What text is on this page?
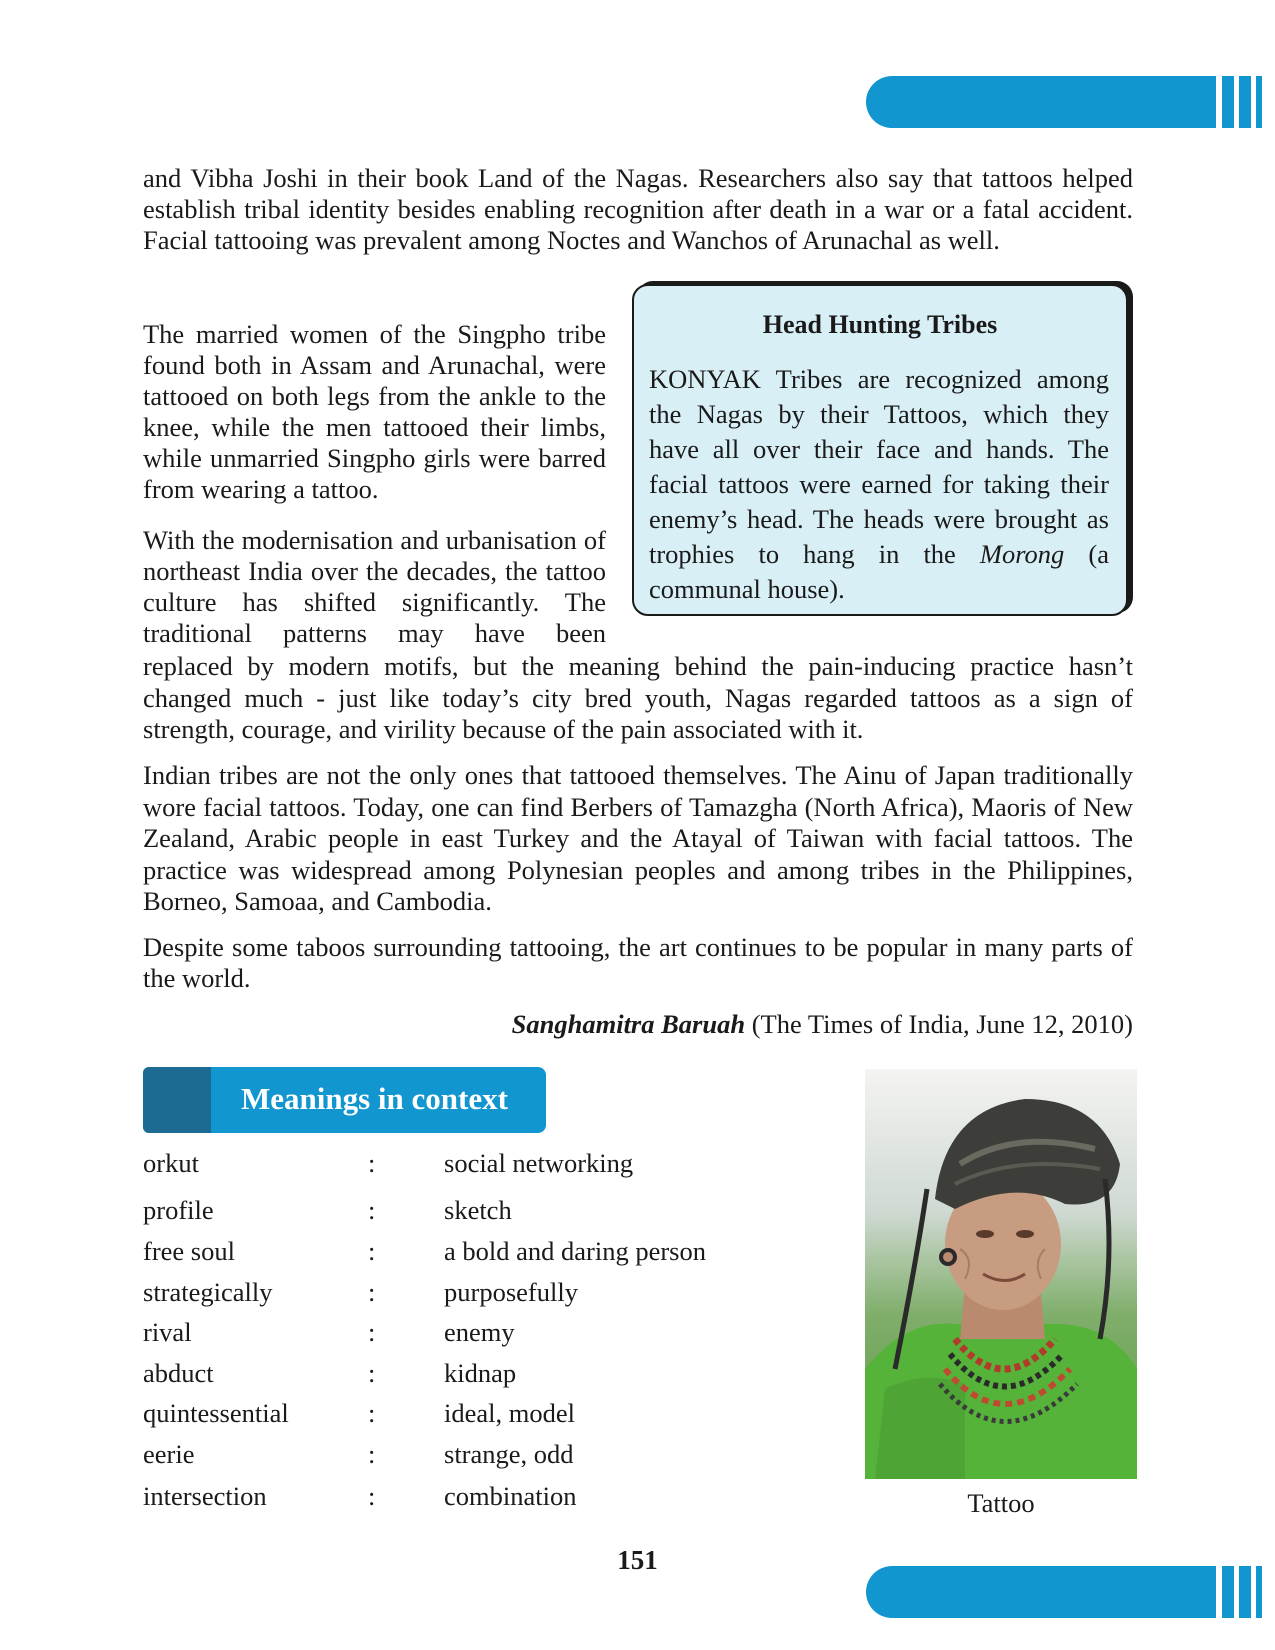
and Vibha Joshi in their book Land of the Nagas. Researchers also say that tattoos helped establish tribal identity besides enabling recognition after death in a war or a fatal accident. Facial tattooing was prevalent among Noctes and Wanchos of Arunachal as well.

The married women of the Singpho tribe found both in Assam and Arunachal, were tattooed on both legs from the ankle to the knee, while the men tattooed their limbs, while unmarried Singpho girls were barred from wearing a tattoo.

With the modernisation and urbanisation of northeast India over the decades, the tattoo culture has shifted significantly. The traditional patterns may have been

replaced by modern motifs, but the meaning behind the pain-inducing practice hasn’t changed much - just like today’s city bred youth, Nagas regarded tattoos as a sign of strength, courage, and virility because of the pain associated with it.

Indian tribes are not the only ones that tattooed themselves. The Ainu of Japan traditionally wore facial tattoos. Today, one can find Berbers of Tamazgha (North Africa), Maoris of New Zealand, Arabic people in east Turkey and the Atayal of Taiwan with facial tattoos. The practice was widespread among Polynesian peoples and among tribes in the Philippines, Borneo, Samoaa, and Cambodia.

Despite some taboos surrounding tattooing, the art continues to be popular in many parts of the world.

Sanghamitra Baruah (The Times of India, June 12, 2010)
Head Hunting Tribes

KONYAK Tribes are recognized among the Nagas by their Tattoos, which they have all over their face and hands. The facial tattoos were earned for taking their enemy’s head. The heads were brought as trophies to hang in the Morong (a communal house).

Meanings in context
orkut	:	social networking
profile	:	sketch
free soul	:	a bold and daring person
strategically	:	purposefully
rival	:	enemy
abduct	:	kidnap
quintessential	:	ideal, model
eerie	:	strange, odd
intersection	:	combination	Tattoo
151
